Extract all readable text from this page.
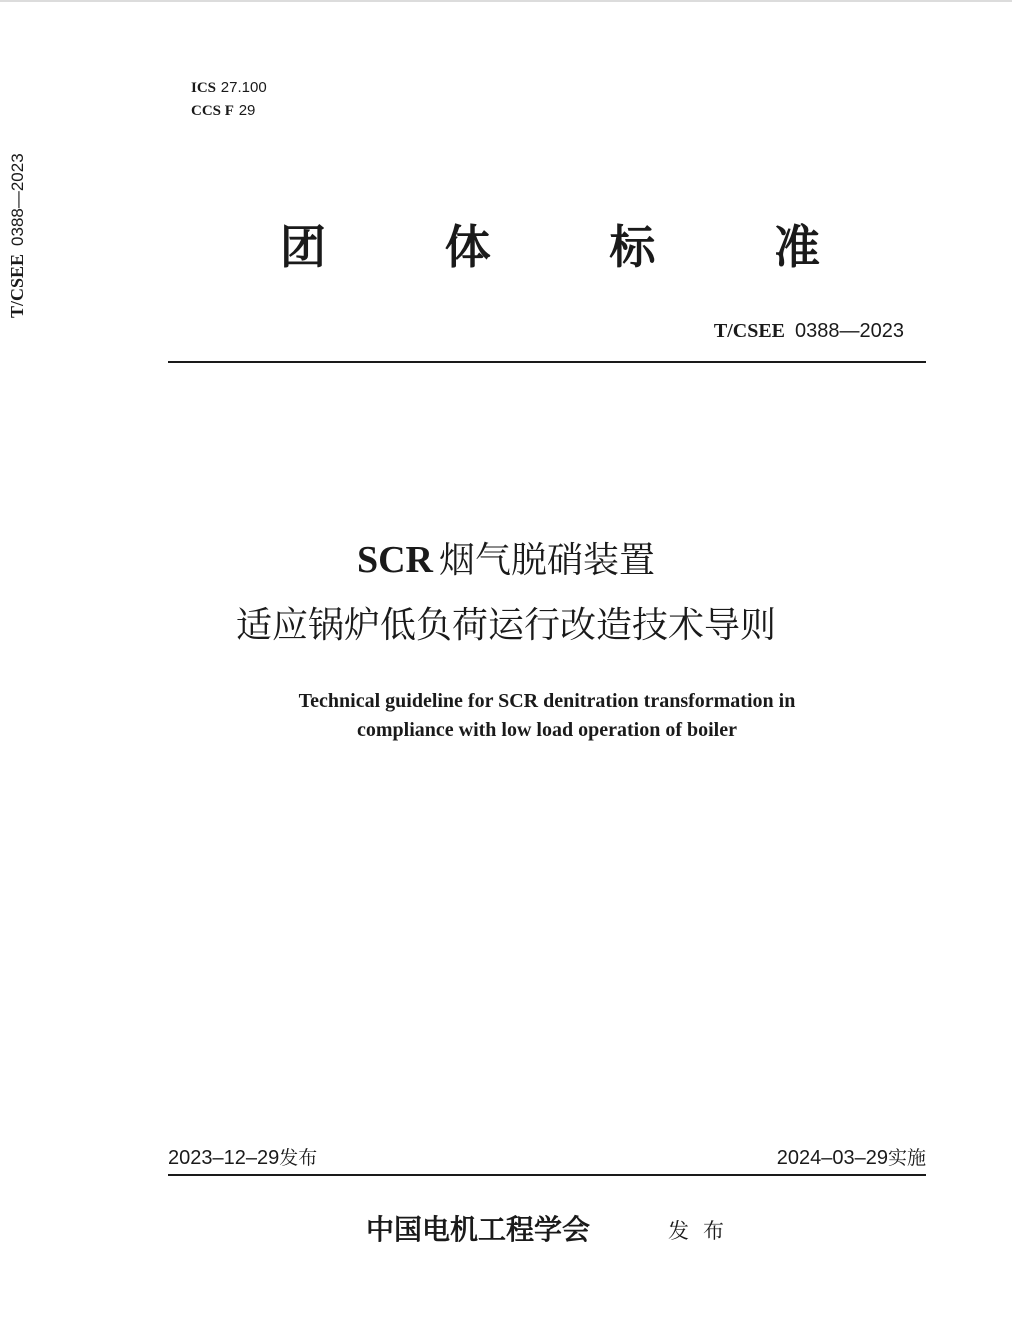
T/CSEE0388—2023
ICS 27.100
CCS F 29
团	体	标	准
T/CSEE 0388—2023
SCR 烟气脱硝装置
适应锅炉低负荷运行改造技术导则
Technical guideline for SCR denitration transformation in
compliance with low load operation of boiler
2023–12–29发布	2024–03–29实施
中国电机工程学会	发布
